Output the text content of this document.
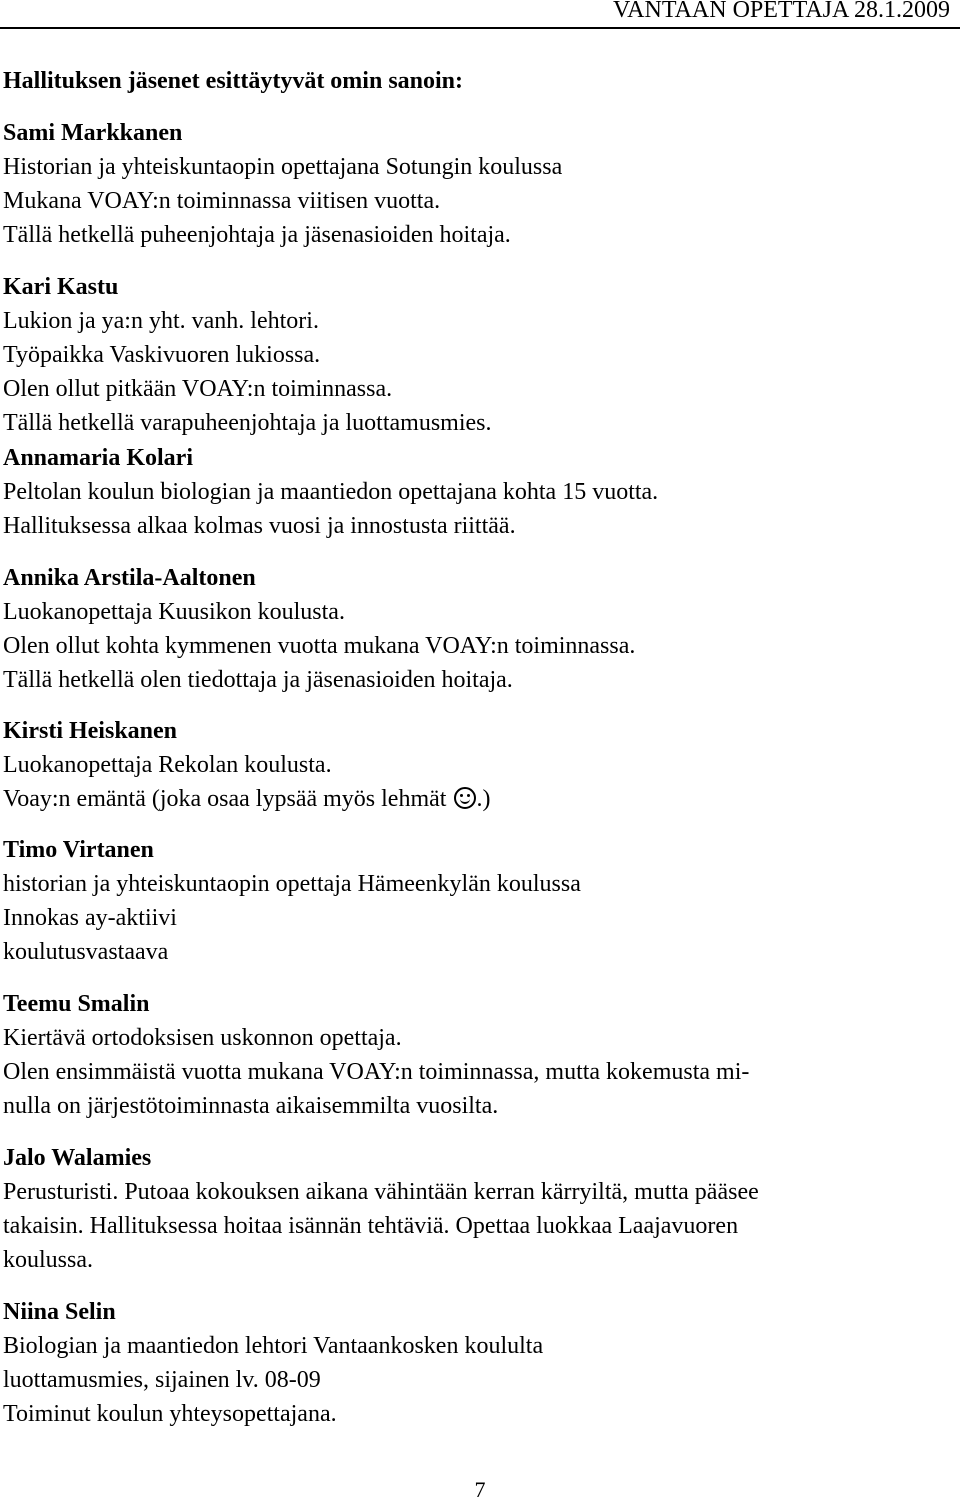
VANTAAN OPETTAJA 28.1.2009
Hallituksen jäsenet esittäytyvät omin sanoin:
Sami Markkanen
Historian ja yhteiskuntaopin opettajana Sotungin koulussa
Mukana VOAY:n toiminnassa viitisen vuotta.
Tällä hetkellä puheenjohtaja ja jäsenasioiden hoitaja.
Kari Kastu
Lukion ja ya:n yht. vanh. lehtori.
Työpaikka Vaskivuoren lukiossa.
Olen ollut pitkään VOAY:n toiminnassa.
Tällä hetkellä varapuheenjohtaja ja luottamusmies.
Annamaria Kolari
Peltolan koulun biologian ja maantiedon opettajana kohta 15 vuotta.
Hallituksessa alkaa kolmas vuosi ja innostusta riittää.
Annika Arstila-Aaltonen
Luokanopettaja Kuusikon koulusta.
Olen ollut kohta kymmenen vuotta mukana VOAY:n toiminnassa.
Tällä hetkellä olen tiedottaja ja jäsenasioiden hoitaja.
Kirsti Heiskanen
Luokanopettaja Rekolan koulusta.
Voay:n emäntä (joka osaa lypsää myös lehmät
.)
Timo Virtanen
historian ja yhteiskuntaopin opettaja Hämeenkylän koulussa
Innokas ay-aktiivi
koulutusvastaava
Teemu Smalin
Kiertävä ortodoksisen uskonnon opettaja.
Olen ensimmäistä vuotta mukana VOAY:n toiminnassa, mutta kokemusta mi-
nulla on järjestötoiminnasta aikaisemmilta vuosilta.
Jalo Walamies
Perusturisti. Putoaa kokouksen aikana vähintään kerran kärryiltä, mutta pääsee
takaisin. Hallituksessa hoitaa isännän tehtäviä. Opettaa luokkaa Laajavuoren
koulussa.
Niina Selin
Biologian ja maantiedon lehtori Vantaankosken koululta
luottamusmies, sijainen lv. 08-09
Toiminut koulun yhteysopettajana.
7
